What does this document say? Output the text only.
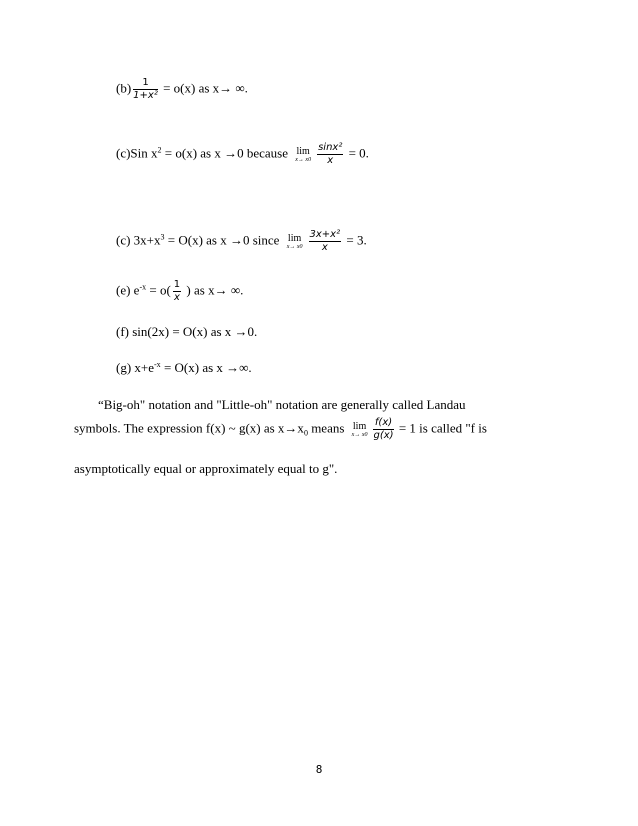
$(b) \frac{1}{\text{1+x²}} = o(x)$ as x→ ∞.
(c)Sin $x^2 = o(x)$ as x →0 because lim
$x\to x0 \frac{\text{sinx²}}{x} = 0$.
(c) $3x+x^3 = O(x)$ as x →0 since lim
$x\to x0 \frac{\text{3x+x²}}{x} = 3$.
(e) $e^{-x} = o( \frac{1}{x}$ ) as x→ ∞.
(f) sin(2x) = O(x) as x →0.
(g) $x+e^{-x} = O(x)$ as x →∞.
“Big-oh" notation and "Little-oh" notation are generally called Landau
symbols. The expression f(x) ~ g(x) as $x\to x_0$ means lim
$x\to x0 \frac{f(x)}{g(x)} = 1$ is called "f is
asymptotically equal or approximately equal to g".
8
